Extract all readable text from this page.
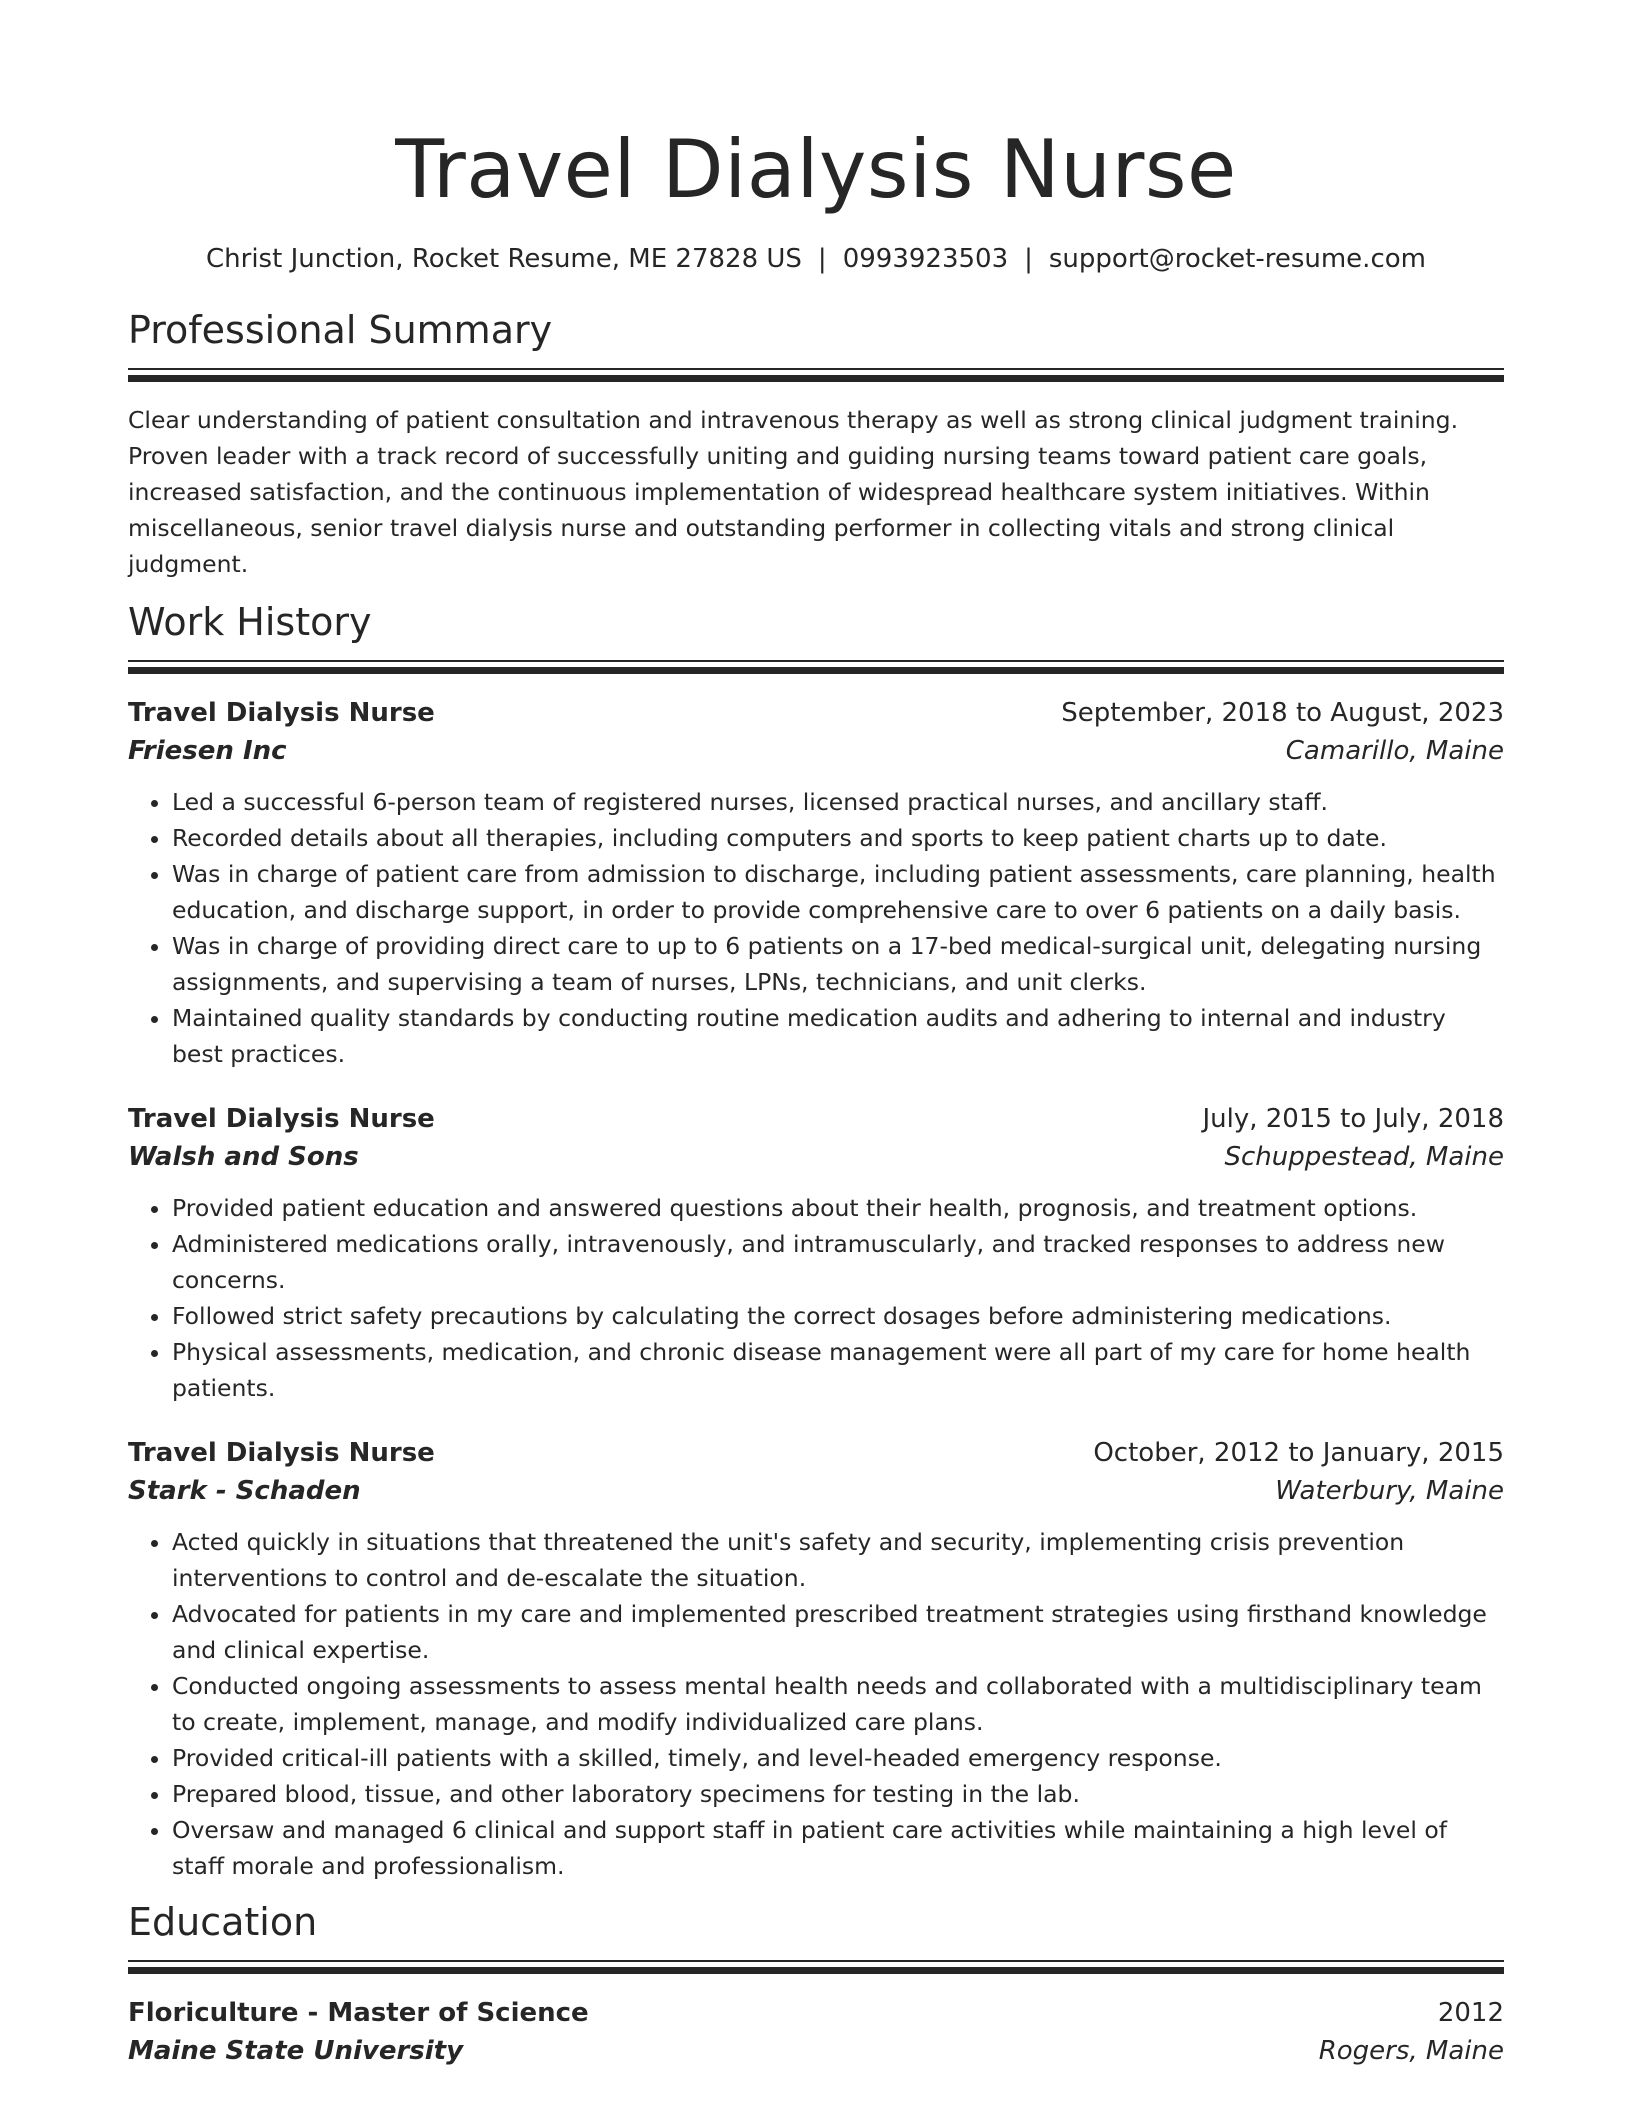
Travel Dialysis Nurse
Christ Junction, Rocket Resume, ME 27828 US | 0993923503 | support@rocket-resume.com
Professional Summary

Clear understanding of patient consultation and intravenous therapy as well as strong clinical judgment training. Proven leader with a track record of successfully uniting and guiding nursing teams toward patient care goals, increased satisfaction, and the continuous implementation of widespread healthcare system initiatives. Within miscellaneous, senior travel dialysis nurse and outstanding performer in collecting vitals and strong clinical judgment.

Work History
Travel Dialysis Nurse	September, 2018 to August, 2023
Friesen Inc	Camarillo, Maine
• Led a successful 6-person team of registered nurses, licensed practical nurses, and ancillary staff.
• Recorded details about all therapies, including computers and sports to keep patient charts up to date.
• Was in charge of patient care from admission to discharge, including patient assessments, care planning, health education, and discharge support, in order to provide comprehensive care to over 6 patients on a daily basis.
• Was in charge of providing direct care to up to 6 patients on a 17-bed medical-surgical unit, delegating nursing assignments, and supervising a team of nurses, LPNs, technicians, and unit clerks.
• Maintained quality standards by conducting routine medication audits and adhering to internal and industry best practices.
Travel Dialysis Nurse	July, 2015 to July, 2018
Walsh and Sons	Schuppestead, Maine
• Provided patient education and answered questions about their health, prognosis, and treatment options.
• Administered medications orally, intravenously, and intramuscularly, and tracked responses to address new concerns.
• Followed strict safety precautions by calculating the correct dosages before administering medications.
• Physical assessments, medication, and chronic disease management were all part of my care for home health patients.
Travel Dialysis Nurse	October, 2012 to January, 2015
Stark - Schaden	Waterbury, Maine
• Acted quickly in situations that threatened the unit's safety and security, implementing crisis prevention interventions to control and de-escalate the situation.
• Advocated for patients in my care and implemented prescribed treatment strategies using firsthand knowledge and clinical expertise.
• Conducted ongoing assessments to assess mental health needs and collaborated with a multidisciplinary team to create, implement, manage, and modify individualized care plans.
• Provided critical-ill patients with a skilled, timely, and level-headed emergency response.
• Prepared blood, tissue, and other laboratory specimens for testing in the lab.
• Oversaw and managed 6 clinical and support staff in patient care activities while maintaining a high level of staff morale and professionalism.
Education
Floriculture - Master of Science	2012
Maine State University	Rogers, Maine
